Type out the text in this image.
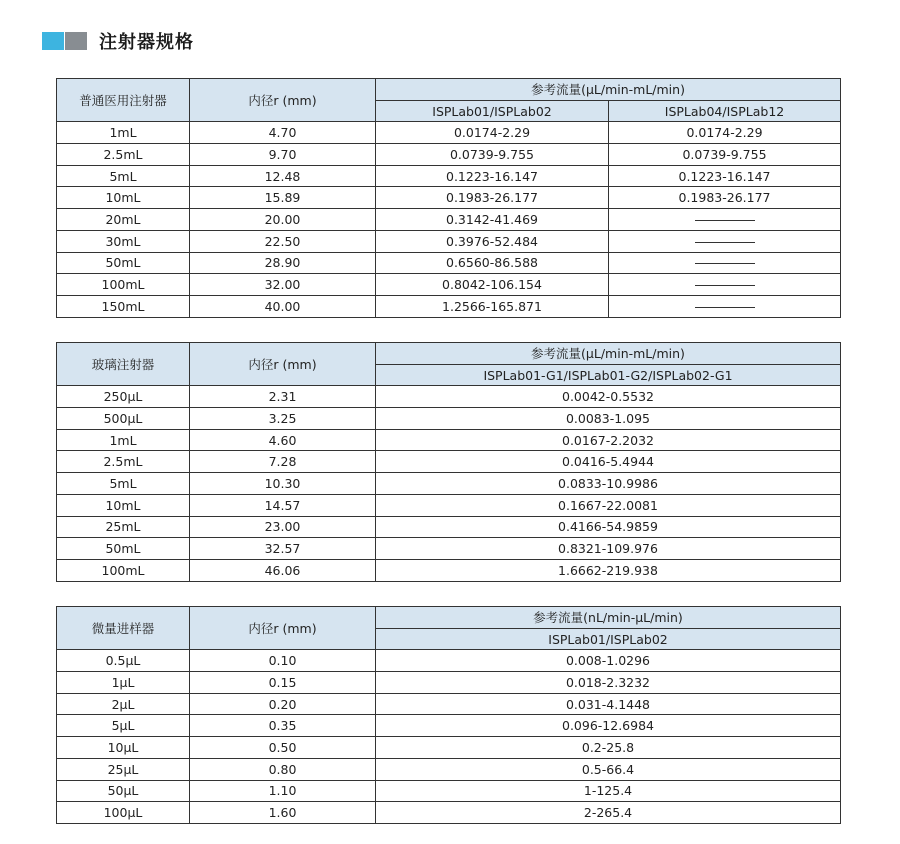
注射器规格
普通医用注射器	内径r (mm)	参考流量(μL/min-mL/min)	
		ISPLab01/ISPLab02	ISPLab04/ISPLab12
1mL	4.70	0.0174-2.29	0.0174-2.29
2.5mL	9.70	0.0739-9.755	0.0739-9.755
5mL	12.48	0.1223-16.147	0.1223-16.147
10mL	15.89	0.1983-26.177	0.1983-26.177
20mL	20.00	0.3142-41.469	
30mL	22.50	0.3976-52.484	
50mL	28.90	0.6560-86.588	
100mL	32.00	0.8042-106.154	
150mL	40.00	1.2566-165.871	
玻璃注射器	内径r (mm)	参考流量(μL/min-mL/min)
		ISPLab01-G1/ISPLab01-G2/ISPLab02-G1
250μL	2.31	0.0042-0.5532
500μL	3.25	0.0083-1.095
1mL	4.60	0.0167-2.2032
2.5mL	7.28	0.0416-5.4944
5mL	10.30	0.0833-10.9986
10mL	14.57	0.1667-22.0081
25mL	23.00	0.4166-54.9859
50mL	32.57	0.8321-109.976
100mL	46.06	1.6662-219.938
微量进样器	内径r (mm)	参考流量(nL/min-μL/min)
		ISPLab01/ISPLab02
0.5μL	0.10	0.008-1.0296
1μL	0.15	0.018-2.3232
2μL	0.20	0.031-4.1448
5μL	0.35	0.096-12.6984
10μL	0.50	0.2-25.8
25μL	0.80	0.5-66.4
50μL	1.10	1-125.4
100μL	1.60	2-265.4
